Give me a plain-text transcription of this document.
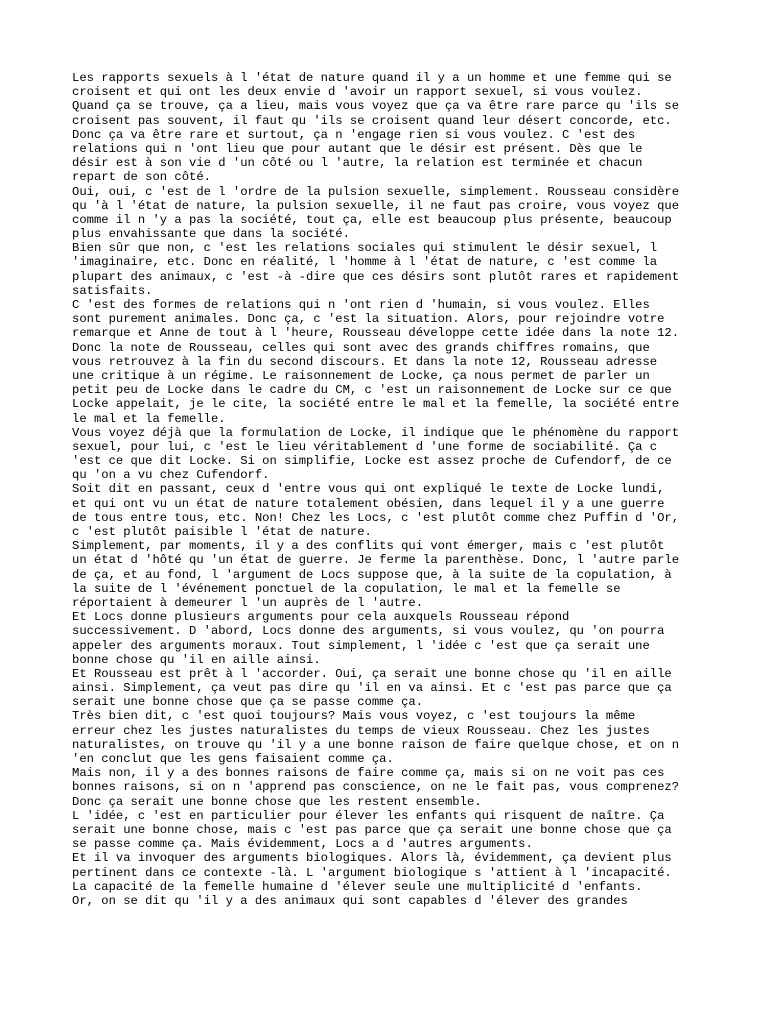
Les rapports sexuels à l 'état de nature quand il y a un homme et une femme qui se
croisent et qui ont les deux envie d 'avoir un rapport sexuel, si vous voulez.
Quand ça se trouve, ça a lieu, mais vous voyez que ça va être rare parce qu 'ils se
croisent pas souvent, il faut qu 'ils se croisent quand leur désert concorde, etc.
Donc ça va être rare et surtout, ça n 'engage rien si vous voulez. C 'est des
relations qui n 'ont lieu que pour autant que le désir est présent. Dès que le
désir est à son vie d 'un côté ou l 'autre, la relation est terminée et chacun
repart de son côté.
Oui, oui, c 'est de l 'ordre de la pulsion sexuelle, simplement. Rousseau considère
qu 'à l 'état de nature, la pulsion sexuelle, il ne faut pas croire, vous voyez que
comme il n 'y a pas la société, tout ça, elle est beaucoup plus présente, beaucoup
plus envahissante que dans la société.
Bien sûr que non, c 'est les relations sociales qui stimulent le désir sexuel, l
'imaginaire, etc. Donc en réalité, l 'homme à l 'état de nature, c 'est comme la
plupart des animaux, c 'est -à -dire que ces désirs sont plutôt rares et rapidement
satisfaits.
C 'est des formes de relations qui n 'ont rien d 'humain, si vous voulez. Elles
sont purement animales. Donc ça, c 'est la situation. Alors, pour rejoindre votre
remarque et Anne de tout à l 'heure, Rousseau développe cette idée dans la note 12.
Donc la note de Rousseau, celles qui sont avec des grands chiffres romains, que
vous retrouvez à la fin du second discours. Et dans la note 12, Rousseau adresse
une critique à un régime. Le raisonnement de Locke, ça nous permet de parler un
petit peu de Locke dans le cadre du CM, c 'est un raisonnement de Locke sur ce que
Locke appelait, je le cite, la société entre le mal et la femelle, la société entre
le mal et la femelle.
Vous voyez déjà que la formulation de Locke, il indique que le phénomène du rapport
sexuel, pour lui, c 'est le lieu véritablement d 'une forme de sociabilité. Ça c
'est ce que dit Locke. Si on simplifie, Locke est assez proche de Cufendorf, de ce
qu 'on a vu chez Cufendorf.
Soit dit en passant, ceux d 'entre vous qui ont expliqué le texte de Locke lundi,
et qui ont vu un état de nature totalement obésien, dans lequel il y a une guerre
de tous entre tous, etc. Non! Chez les Locs, c 'est plutôt comme chez Puffin d 'Or,
c 'est plutôt paisible l 'état de nature.
Simplement, par moments, il y a des conflits qui vont émerger, mais c 'est plutôt
un état d 'hôté qu 'un état de guerre. Je ferme la parenthèse. Donc, l 'autre parle
de ça, et au fond, l 'argument de Locs suppose que, à la suite de la copulation, à
la suite de l 'événement ponctuel de la copulation, le mal et la femelle se
réportaient à demeurer l 'un auprès de l 'autre.
Et Locs donne plusieurs arguments pour cela auxquels Rousseau répond
successivement. D 'abord, Locs donne des arguments, si vous voulez, qu 'on pourra
appeler des arguments moraux. Tout simplement, l 'idée c 'est que ça serait une
bonne chose qu 'il en aille ainsi.
Et Rousseau est prêt à l 'accorder. Oui, ça serait une bonne chose qu 'il en aille
ainsi. Simplement, ça veut pas dire qu 'il en va ainsi. Et c 'est pas parce que ça
serait une bonne chose que ça se passe comme ça.
Très bien dit, c 'est quoi toujours? Mais vous voyez, c 'est toujours la même
erreur chez les justes naturalistes du temps de vieux Rousseau. Chez les justes
naturalistes, on trouve qu 'il y a une bonne raison de faire quelque chose, et on n
'en conclut que les gens faisaient comme ça.
Mais non, il y a des bonnes raisons de faire comme ça, mais si on ne voit pas ces
bonnes raisons, si on n 'apprend pas conscience, on ne le fait pas, vous comprenez?
Donc ça serait une bonne chose que les restent ensemble.
L 'idée, c 'est en particulier pour élever les enfants qui risquent de naître. Ça
serait une bonne chose, mais c 'est pas parce que ça serait une bonne chose que ça
se passe comme ça. Mais évidemment, Locs a d 'autres arguments.
Et il va invoquer des arguments biologiques. Alors là, évidemment, ça devient plus
pertinent dans ce contexte -là. L 'argument biologique s 'attient à l 'incapacité.
La capacité de la femelle humaine d 'élever seule une multiplicité d 'enfants.
Or, on se dit qu 'il y a des animaux qui sont capables d 'élever des grandes
